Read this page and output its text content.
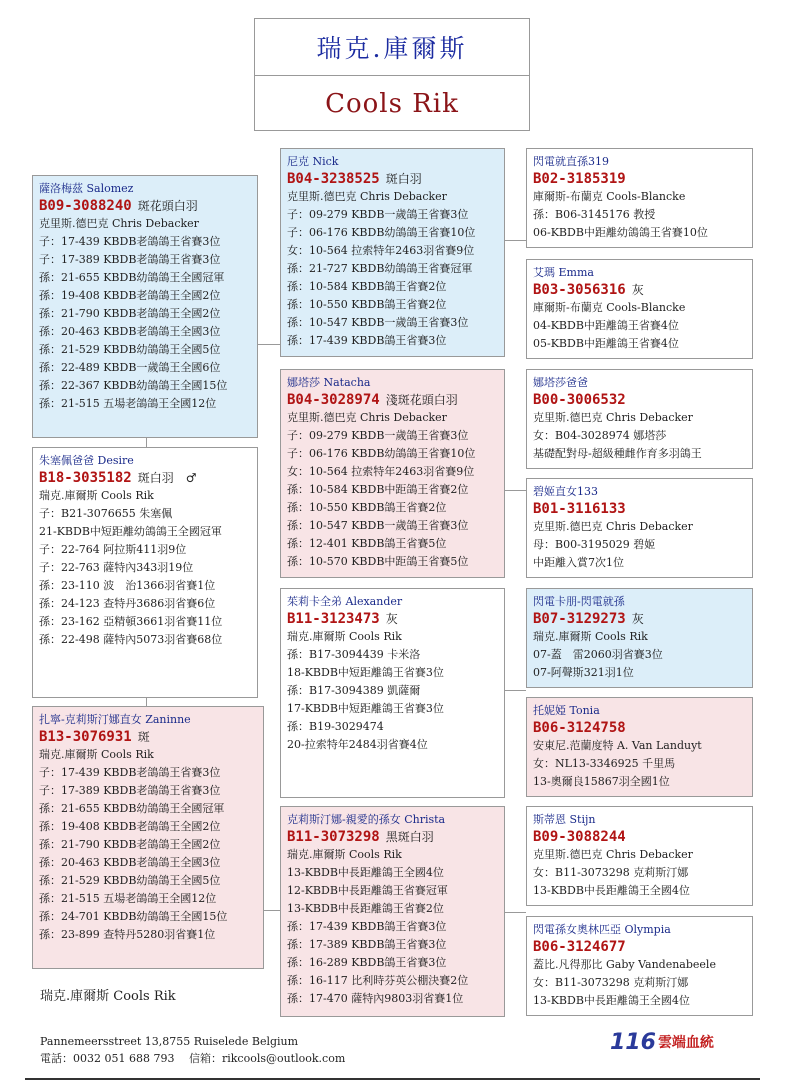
瑞克.庫爾斯
Cools Rik
薩洛梅茲 Salomez
B09-3088240 斑花頭白羽
克里斯.德巴克 Chris Debacker
子：17-439 KBDB老鴿鴿王省賽3位
子：17-389 KBDB老鴿鴿王省賽3位
孫：21-655 KBDB幼鴿鴿王全國冠軍
孫：19-408 KBDB老鴿鴿王全國2位
孫：21-790 KBDB老鴿鴿王全國2位
孫：20-463 KBDB老鴿鴿王全國3位
孫：21-529 KBDB幼鴿鴿王全國5位
孫：22-489 KBDB一歲鴿王全國6位
孫：22-367 KBDB幼鴿鴿王全國15位
孫：21-515 五場老鴿鴿王全國12位
朱塞佩爸爸 Desire
B18-3035182 斑白羽　♂
瑞克.庫爾斯 Cools Rik
子：B21-3076655 朱塞佩
21-KBDB中短距離幼鴿鴿王全國冠軍
子：22-764 阿拉斯411羽9位
子：22-763 薩特內343羽19位
孫：23-110 波　治1366羽省賽1位
孫：24-123 查特丹3686羽省賽6位
孫：23-162 亞精頓3661羽省賽11位
孫：22-498 薩特內5073羽省賽68位
扎寧-克莉斯汀娜直女 Zaninne
B13-3076931 斑
瑞克.庫爾斯 Cools Rik
子：17-439 KBDB老鴿鴿王省賽3位
子：17-389 KBDB老鴿鴿王省賽3位
孫：21-655 KBDB幼鴿鴿王全國冠軍
孫：19-408 KBDB老鴿鴿王全國2位
孫：21-790 KBDB老鴿鴿王全國2位
孫：20-463 KBDB老鴿鴿王全國3位
孫：21-529 KBDB幼鴿鴿王全國5位
孫：21-515 五場老鴿鴿王全國12位
孫：24-701 KBDB幼鴿鴿王全國15位
孫：23-899 查特丹5280羽省賽1位
尼克 Nick
B04-3238525 斑白羽
克里斯.德巴克 Chris Debacker
子：09-279 KBDB一歲鴿王省賽3位
子：06-176 KBDB幼鴿鴿王省賽10位
女：10-564 拉索特年2463羽省賽9位
孫：21-727 KBDB幼鴿鴿王省賽冠軍
孫：10-584 KBDB鴿王省賽2位
孫：10-550 KBDB鴿王省賽2位
孫：10-547 KBDB一歲鴿王省賽3位
孫：17-439 KBDB鴿王省賽3位
娜塔莎 Natacha
B04-3028974 淺斑花頭白羽
克里斯.德巴克 Chris Debacker
子：09-279 KBDB一歲鴿王省賽3位
子：06-176 KBDB幼鴿鴿王省賽10位
女：10-564 拉索特年2463羽省賽9位
孫：10-584 KBDB中距鴿王省賽2位
孫：10-550 KBDB鴿王省賽2位
孫：10-547 KBDB一歲鴿王省賽3位
孫：12-401 KBDB鴿王省賽5位
孫：10-570 KBDB中距鴿王省賽5位
茱莉卡全弟 Alexander
B11-3123473 灰
瑞克.庫爾斯 Cools Rik
孫：B17-3094439 卡米洛
18-KBDB中短距離鴿王省賽3位
孫：B17-3094389 凱薩爾
17-KBDB中短距離鴿王省賽3位
孫：B19-3029474
20-拉索特年2484羽省賽4位
克莉斯汀娜-親愛的孫女 Christa
B11-3073298 黑斑白羽
瑞克.庫爾斯 Cools Rik
13-KBDB中長距離鴿王全國4位
12-KBDB中長距離鴿王省賽冠軍
13-KBDB中長距離鴿王省賽2位
孫：17-439 KBDB鴿王省賽3位
孫：17-389 KBDB鴿王省賽3位
孫：16-289 KBDB鴿王省賽3位
孫：16-117 比利時芬英公棚決賽2位
孫：17-470 薩特內9803羽省賽1位
閃電就直孫319
B02-3185319
庫爾斯-布蘭克 Cools-Blancke
孫：B06-3145176 教授
06-KBDB中距離幼鴿鴿王省賽10位
艾瑪 Emma
B03-3056316 灰
庫爾斯-布蘭克 Cools-Blancke
04-KBDB中距離鴿王省賽4位
05-KBDB中距離鴿王省賽4位
娜塔莎爸爸
B00-3006532
克里斯.德巴克 Chris Debacker
女：B04-3028974 娜塔莎
基礎配對母-超級種雌作育多羽鴿王
碧姬直女133
B01-3116133
克里斯.德巴克 Chris Debacker
母：B00-3195029 碧姬
中距離入賞7次1位
閃電卡朋-閃電就孫
B07-3129273 灰
瑞克.庫爾斯 Cools Rik
07-蓋　雷2060羽省賽3位
07-阿聲斯321羽1位
托妮婭 Tonia
B06-3124758
安東尼.范蘭度特 A. Van Landuyt
女：NL13-3346925 千里馬
13-奧爾良15867羽全國1位
斯蒂恩 Stijn
B09-3088244
克里斯.德巴克 Chris Debacker
女：B11-3073298 克莉斯汀娜
13-KBDB中長距離鴿王全國4位
閃電孫女奧林匹亞 Olympia
B06-3124677
蓋比.凡得那比 Gaby Vandenabeele
女：B11-3073298 克莉斯汀娜
13-KBDB中長距離鴿王全國4位
瑞克.庫爾斯 Cools Rik
Pannemeersstreet 13,8755 Ruiselede Belgium
電話：0032 051 688 793　 信箱：rikcools@outlook.com
116 雲端血統
